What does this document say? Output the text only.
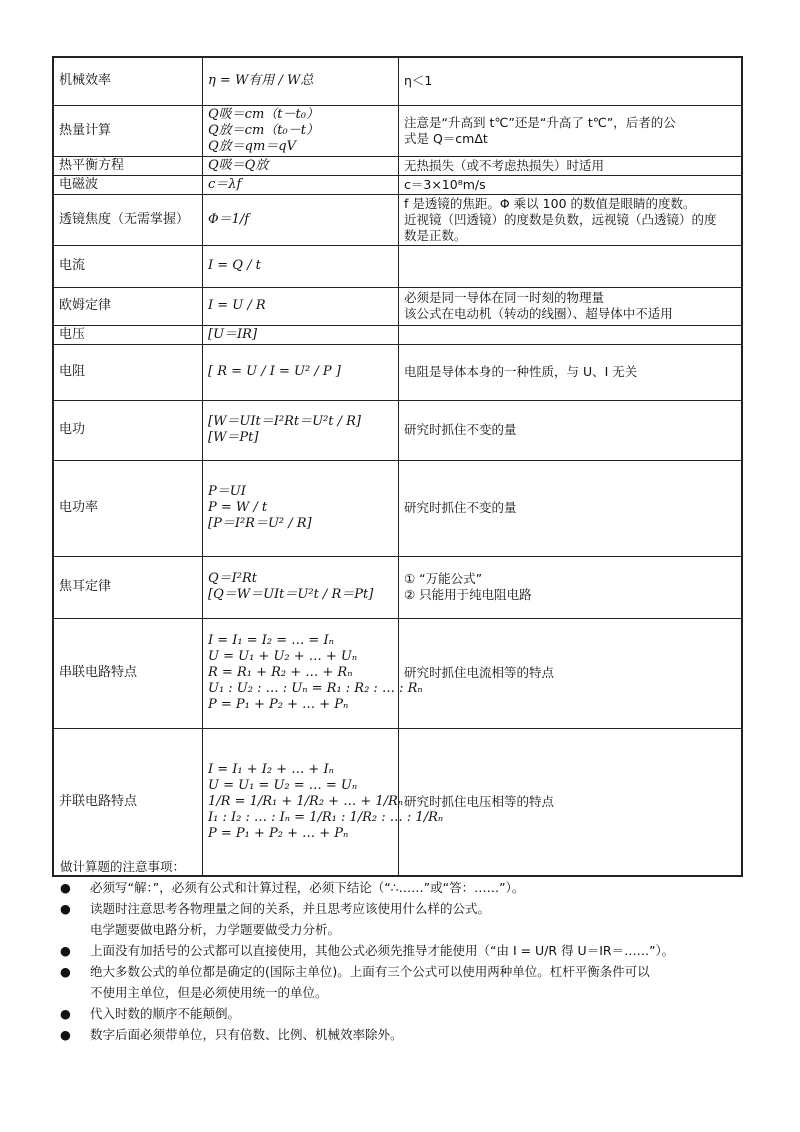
机械效率	η = W有用 / W总	η＜1

热量计算	Q吸＝cm（t－t₀）
Q放＝cm（t₀－t）
Q放＝qm＝qV	注意是“升高到 t℃”还是“升高了 t℃”，后者的公
式是 Q＝cmΔt

热平衡方程	Q吸＝Q放	无热损失（或不考虑热损失）时适用

电磁波	c＝λf	c＝3×10⁸m/s

透镜焦度（无需掌握）	Φ＝1/f	f 是透镜的焦距。Φ 乘以 100 的数值是眼睛的度数。
近视镜（凹透镜）的度数是负数，远视镜（凸透镜）的度
数是正数。

电流	I = Q / t	

欧姆定律	I = U / R	必须是同一导体在同一时刻的物理量
该公式在电动机（转动的线圈）、超导体中不适用

电压	[U＝IR]	

电阻	[ R = U / I = U² / P ]	电阻是导体本身的一种性质，与 U、I 无关

电功	[W＝UIt＝I²Rt＝U²t / R]
[W＝Pt]	研究时抓住不变的量

电功率	P＝UI
P = W / t
[P＝I²R＝U² / R]	研究时抓住不变的量

焦耳定律	Q＝I²Rt
[Q＝W＝UIt＝U²t / R＝Pt]	① “万能公式”
② 只能用于纯电阻电路

串联电路特点	I = I₁ = I₂ = … = Iₙ
U = U₁ + U₂ + … + Uₙ
R = R₁ + R₂ + … + Rₙ
U₁ : U₂ : … : Uₙ = R₁ : R₂ : … : Rₙ
P = P₁ + P₂ + … + Pₙ	研究时抓住电流相等的特点

并联电路特点	I = I₁ + I₂ + … + Iₙ
U = U₁ = U₂ = … = Uₙ
1/R = 1/R₁ + 1/R₂ + … + 1/Rₙ
I₁ : I₂ : … : Iₙ = 1/R₁ : 1/R₂ : … : 1/Rₙ
P = P₁ + P₂ + … + Pₙ	研究时抓住电压相等的特点
做计算题的注意事项：
● 必须写“解：”，必须有公式和计算过程，必须下结论（“∴……”或“答：……”）。
● 读题时注意思考各物理量之间的关系，并且思考应该使用什么样的公式。
电学题要做电路分析，力学题要做受力分析。
● 上面没有加括号的公式都可以直接使用，其他公式必须先推导才能使用（“由 I = U/R 得 U＝IR＝……”）。
● 绝大多数公式的单位都是确定的(国际主单位)。上面有三个公式可以使用两种单位。杠杆平衡条件可以
不使用主单位，但是必须使用统一的单位。
● 代入时数的顺序不能颠倒。
● 数字后面必须带单位，只有倍数、比例、机械效率除外。
